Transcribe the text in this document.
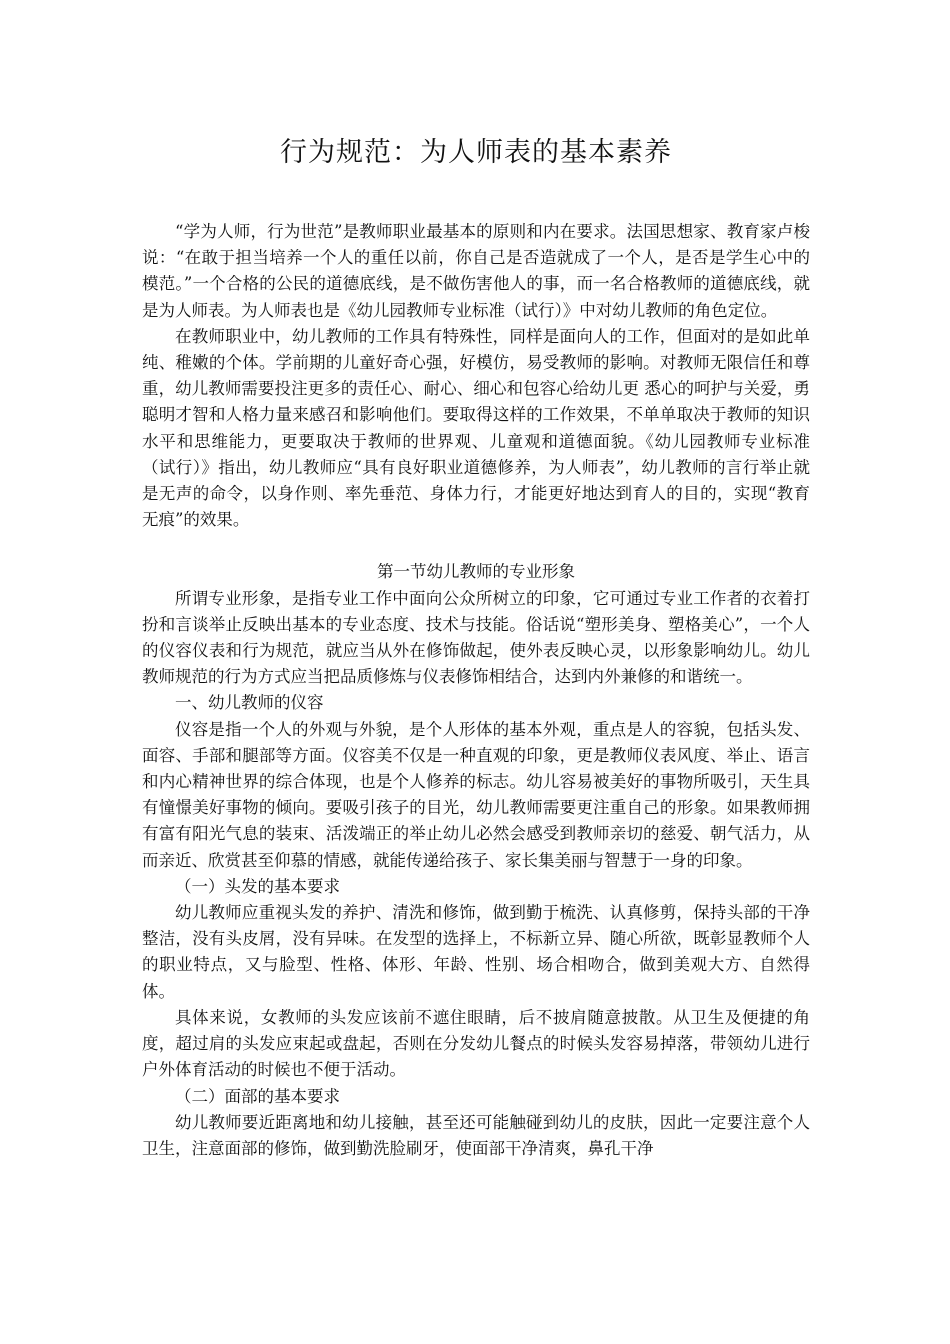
行为规范：为人师表的基本素养

“学为人师，行为世范”是教师职业最基本的原则和内在要求。法国思想家、教育家卢梭说：“在敢于担当培养一个人的重任以前，你自己是否造就成了一个人，是否是学生心中的模范。”一个合格的公民的道德底线，是不做伤害他人的事，而一名合格教师的道德底线，就是为人师表。为人师表也是《幼儿园教师专业标准（试行）》中对幼儿教师的角色定位。

在教师职业中，幼儿教师的工作具有特殊性，同样是面向人的工作，但面对的是如此单纯、稚嫩的个体。学前期的儿童好奇心强，好模仿，易受教师的影响。对教师无限信任和尊重，幼儿教师需要投注更多的责任心、耐心、细心和包容心给幼儿更 悉心的呵护与关爱，勇聪明才智和人格力量来感召和影响他们。要取得这样的工作效果，不单单取决于教师的知识水平和思维能力，更要取决于教师的世界观、儿童观和道德面貌。《幼儿园教师专业标准（试行）》指出，幼儿教师应“具有良好职业道德修养，为人师表”，幼儿教师的言行举止就是无声的命令，以身作则、率先垂范、身体力行，才能更好地达到育人的目的，实现“教育无痕”的效果。

第一节幼儿教师的专业形象

所谓专业形象，是指专业工作中面向公众所树立的印象，它可通过专业工作者的衣着打扮和言谈举止反映出基本的专业态度、技术与技能。俗话说“塑形美身、塑格美心”，一个人的仪容仪表和行为规范，就应当从外在修饰做起，使外表反映心灵，以形象影响幼儿。幼儿教师规范的行为方式应当把品质修炼与仪表修饰相结合，达到内外兼修的和谐统一。

一、幼儿教师的仪容

仪容是指一个人的外观与外貌，是个人形体的基本外观，重点是人的容貌，包括头发、面容、手部和腿部等方面。仪容美不仅是一种直观的印象，更是教师仪表风度、举止、语言和内心精神世界的综合体现，也是个人修养的标志。幼儿容易被美好的事物所吸引，天生具有憧憬美好事物的倾向。要吸引孩子的目光，幼儿教师需要更注重自己的形象。如果教师拥有富有阳光气息的装束、活泼端正的举止幼儿必然会感受到教师亲切的慈爱、朝气活力，从而亲近、欣赏甚至仰慕的情感，就能传递给孩子、家长集美丽与智慧于一身的印象。

（一）头发的基本要求

幼儿教师应重视头发的养护、清洗和修饰，做到勤于梳洗、认真修剪，保持头部的干净整洁，没有头皮屑，没有异味。在发型的选择上，不标新立异、随心所欲，既彰显教师个人的职业特点，又与脸型、性格、体形、年龄、性别、场合相吻合，做到美观大方、自然得体。

具体来说，女教师的头发应该前不遮住眼睛，后不披肩随意披散。从卫生及便捷的角度，超过肩的头发应束起或盘起，否则在分发幼儿餐点的时候头发容易掉落，带领幼儿进行户外体育活动的时候也不便于活动。

（二）面部的基本要求

幼儿教师要近距离地和幼儿接触，甚至还可能触碰到幼儿的皮肤，因此一定要注意个人卫生，注意面部的修饰，做到勤洗脸刷牙，使面部干净清爽，鼻孔干净
